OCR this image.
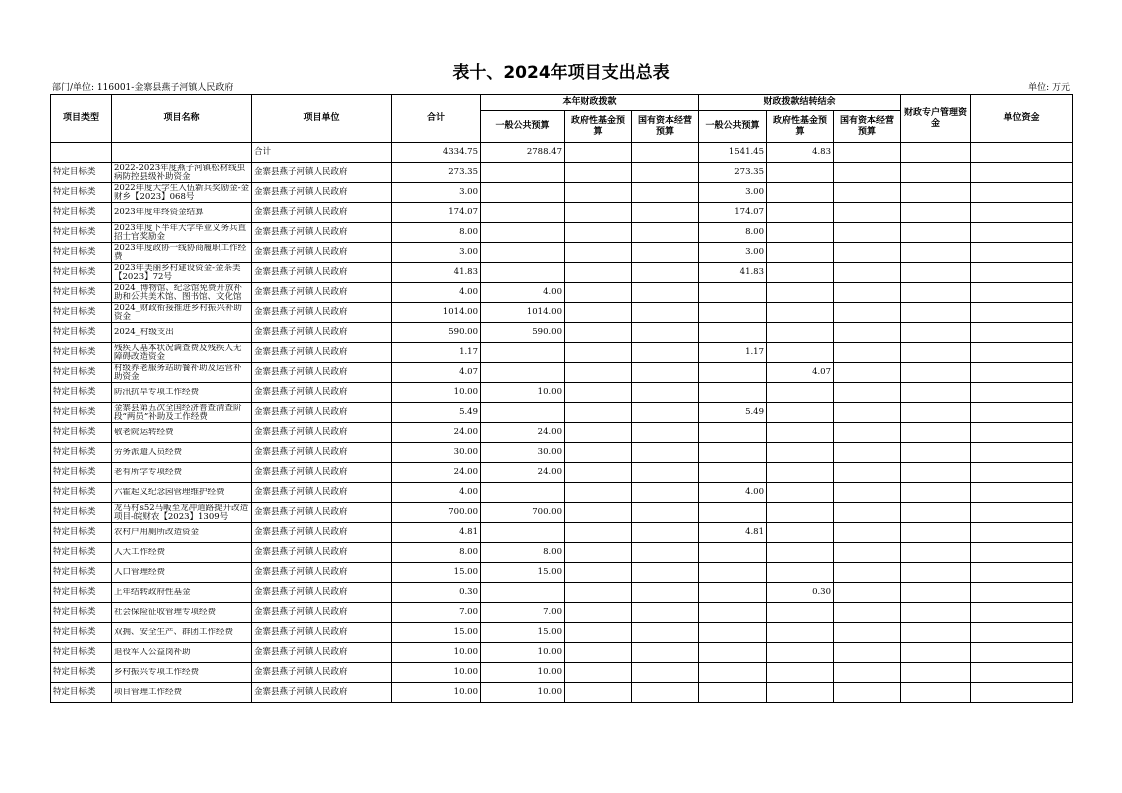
表十、2024年项目支出总表
部门/单位: 116001-金寨县燕子河镇人民政府	单位: 万元
项目类型	项目名称	项目单位	合计	本年财政拨款			财政拨款结转结余			财政专户管理资金	单位资金
				一般公共预算	政府性基金预算	国有资本经营预算	一般公共预算	政府性基金预算	国有资本经营预算		
		合计	4334.75	2788.47			1541.45	4.83			
特定目标类	2022-2023年度燕子河镇松材线虫病防控县级补助资金	金寨县燕子河镇人民政府	273.35				273.35				
特定目标类	2022年度大学生入伍新兵奖励金-金财乡【2023】068号	金寨县燕子河镇人民政府	3.00				3.00				
特定目标类	2023年度年终资金结算	金寨县燕子河镇人民政府	174.07				174.07				
特定目标类	2023年度下半年大学毕业义务兵直招士官奖励金	金寨县燕子河镇人民政府	8.00				8.00				
特定目标类	2023年度政协一线协商履职工作经费	金寨县燕子河镇人民政府	3.00				3.00				
特定目标类	2023年美丽乡村建设资金-金茶美【2023】72号	金寨县燕子河镇人民政府	41.83				41.83				
特定目标类	2024_博物馆、纪念馆免费开放补助和公共美术馆、图书馆、文化馆	金寨县燕子河镇人民政府	4.00	4.00							
特定目标类	2024_财政衔接推进乡村振兴补助资金	金寨县燕子河镇人民政府	1014.00	1014.00							
特定目标类	2024_村级支出	金寨县燕子河镇人民政府	590.00	590.00							
特定目标类	残疾人基本状况调查费及残疾人无障碍改造资金	金寨县燕子河镇人民政府	1.17				1.17				
特定目标类	村级养老服务站助餐补助及运营补助资金	金寨县燕子河镇人民政府	4.07					4.07			
特定目标类	防汛抗旱专项工作经费	金寨县燕子河镇人民政府	10.00	10.00							
特定目标类	金寨县第五次全国经济普查清查阶段“两员”补助及工作经费	金寨县燕子河镇人民政府	5.49				5.49				
特定目标类	敬老院运转经费	金寨县燕子河镇人民政府	24.00	24.00							
特定目标类	劳务派遣人员经费	金寨县燕子河镇人民政府	30.00	30.00							
特定目标类	老有所学专项经费	金寨县燕子河镇人民政府	24.00	24.00							
特定目标类	六霍起义纪念园管理维护经费	金寨县燕子河镇人民政府	4.00				4.00				
特定目标类	龙马村s52马畈至龙冲道路提升改造项目-皖财农【2023】1309号	金寨县燕子河镇人民政府	700.00	700.00							
特定目标类	农村户用厕所改造资金	金寨县燕子河镇人民政府	4.81				4.81				
特定目标类	人大工作经费	金寨县燕子河镇人民政府	8.00	8.00							
特定目标类	人口管理经费	金寨县燕子河镇人民政府	15.00	15.00							
特定目标类	上年结转政府性基金	金寨县燕子河镇人民政府	0.30					0.30			
特定目标类	社会保险征收管理专项经费	金寨县燕子河镇人民政府	7.00	7.00							
特定目标类	双拥、安全生产、群团工作经费	金寨县燕子河镇人民政府	15.00	15.00							
特定目标类	退役军人公益岗补助	金寨县燕子河镇人民政府	10.00	10.00							
特定目标类	乡村振兴专项工作经费	金寨县燕子河镇人民政府	10.00	10.00							
特定目标类	项目管理工作经费	金寨县燕子河镇人民政府	10.00	10.00							
